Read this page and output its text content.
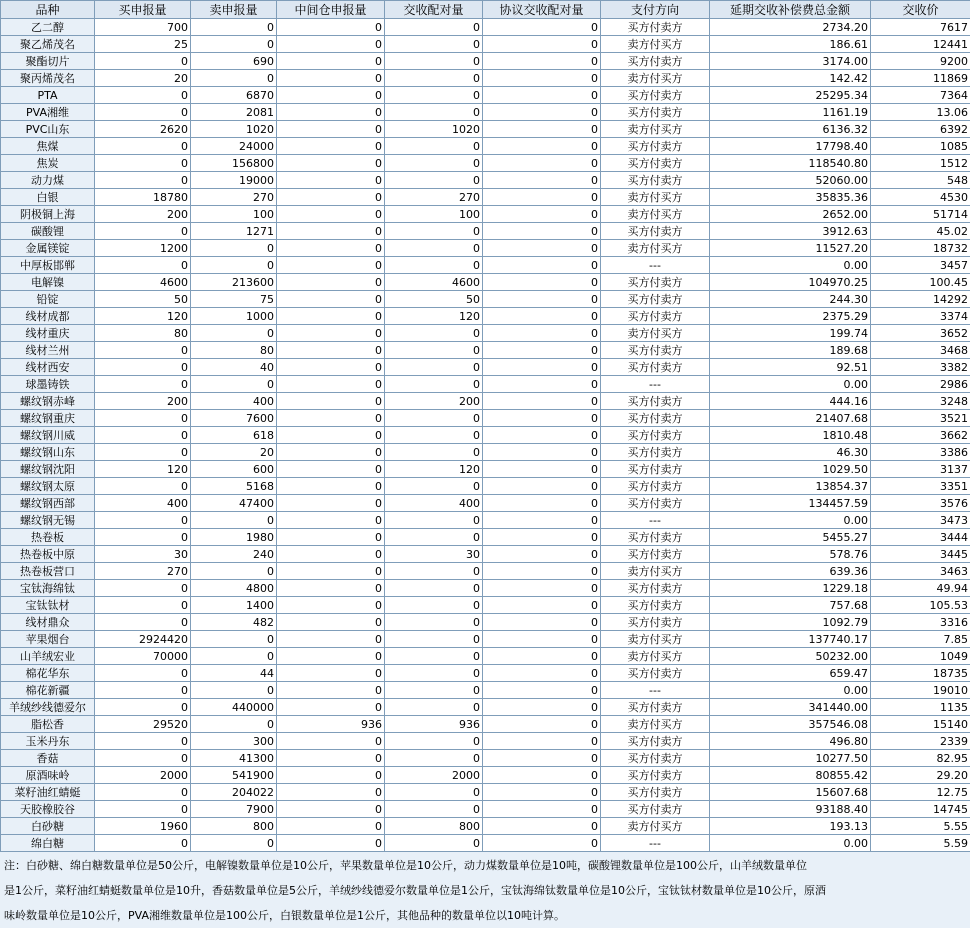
品种	买申报量	卖申报量	中间仓申报量	交收配对量	协议交收配对量	支付方向	延期交收补偿费总金额	交收价
乙二醇	700	0	0	0	0	买方付卖方	2734.20	7617
聚乙烯茂名	25	0	0	0	0	卖方付买方	186.61	12441
聚酯切片	0	690	0	0	0	买方付卖方	3174.00	9200
聚丙烯茂名	20	0	0	0	0	卖方付买方	142.42	11869
PTA	0	6870	0	0	0	买方付卖方	25295.34	7364
PVA湘维	0	2081	0	0	0	买方付卖方	1161.19	13.06
PVC山东	2620	1020	0	1020	0	卖方付买方	6136.32	6392
焦煤	0	24000	0	0	0	买方付卖方	17798.40	1085
焦炭	0	156800	0	0	0	买方付卖方	118540.80	1512
动力煤	0	19000	0	0	0	买方付卖方	52060.00	548
白银	18780	270	0	270	0	卖方付买方	35835.36	4530
阴极铜上海	200	100	0	100	0	卖方付买方	2652.00	51714
碳酸锂	0	1271	0	0	0	买方付卖方	3912.63	45.02
金属镁锭	1200	0	0	0	0	卖方付买方	11527.20	18732
中厚板邯郸	0	0	0	0	0	---	0.00	3457
电解镍	4600	213600	0	4600	0	买方付卖方	104970.25	100.45
铅锭	50	75	0	50	0	买方付卖方	244.30	14292
线材成都	120	1000	0	120	0	买方付卖方	2375.29	3374
线材重庆	80	0	0	0	0	卖方付买方	199.74	3652
线材兰州	0	80	0	0	0	买方付卖方	189.68	3468
线材西安	0	40	0	0	0	买方付卖方	92.51	3382
球墨铸铁	0	0	0	0	0	---	0.00	2986
螺纹钢赤峰	200	400	0	200	0	买方付卖方	444.16	3248
螺纹钢重庆	0	7600	0	0	0	买方付卖方	21407.68	3521
螺纹钢川威	0	618	0	0	0	买方付卖方	1810.48	3662
螺纹钢山东	0	20	0	0	0	买方付卖方	46.30	3386
螺纹钢沈阳	120	600	0	120	0	买方付卖方	1029.50	3137
螺纹钢太原	0	5168	0	0	0	买方付卖方	13854.37	3351
螺纹钢西部	400	47400	0	400	0	买方付卖方	134457.59	3576
螺纹钢无锡	0	0	0	0	0	---	0.00	3473
热卷板	0	1980	0	0	0	买方付卖方	5455.27	3444
热卷板中原	30	240	0	30	0	买方付卖方	578.76	3445
热卷板营口	270	0	0	0	0	卖方付买方	639.36	3463
宝钛海绵钛	0	4800	0	0	0	买方付卖方	1229.18	49.94
宝钛钛材	0	1400	0	0	0	买方付卖方	757.68	105.53
线材鼎众	0	482	0	0	0	买方付卖方	1092.79	3316
苹果烟台	2924420	0	0	0	0	卖方付买方	137740.17	7.85
山羊绒宏业	70000	0	0	0	0	卖方付买方	50232.00	1049
棉花华东	0	44	0	0	0	买方付卖方	659.47	18735
棉花新疆	0	0	0	0	0	---	0.00	19010
羊绒纱线德爱尔	0	440000	0	0	0	买方付卖方	341440.00	1135
脂松香	29520	0	936	936	0	卖方付买方	357546.08	15140
玉米丹东	0	300	0	0	0	买方付卖方	496.80	2339
香菇	0	41300	0	0	0	买方付卖方	10277.50	82.95
原酒味岭	2000	541900	0	2000	0	买方付卖方	80855.42	29.20
菜籽油红蜻蜓	0	204022	0	0	0	买方付卖方	15607.68	12.75
天胶橡胶谷	0	7900	0	0	0	买方付卖方	93188.40	14745
白砂糖	1960	800	0	800	0	卖方付买方	193.13	5.55
绵白糖	0	0	0	0	0	---	0.00	5.59
注：白砂糖、绵白糖数量单位是50公斤，电解镍数量单位是10公斤，苹果数量单位是10公斤，动力煤数量单位是10吨，碳酸锂数量单位是100公斤，山羊绒数量单位
是1公斤，菜籽油红蜻蜓数量单位是10升，香菇数量单位是5公斤，羊绒纱线德爱尔数量单位是1公斤，宝钛海绵钛数量单位是10公斤，宝钛钛材数量单位是10公斤，原酒
味岭数量单位是10公斤，PVA湘维数量单位是100公斤，白银数量单位是1公斤，其他品种的数量单位以10吨计算。
